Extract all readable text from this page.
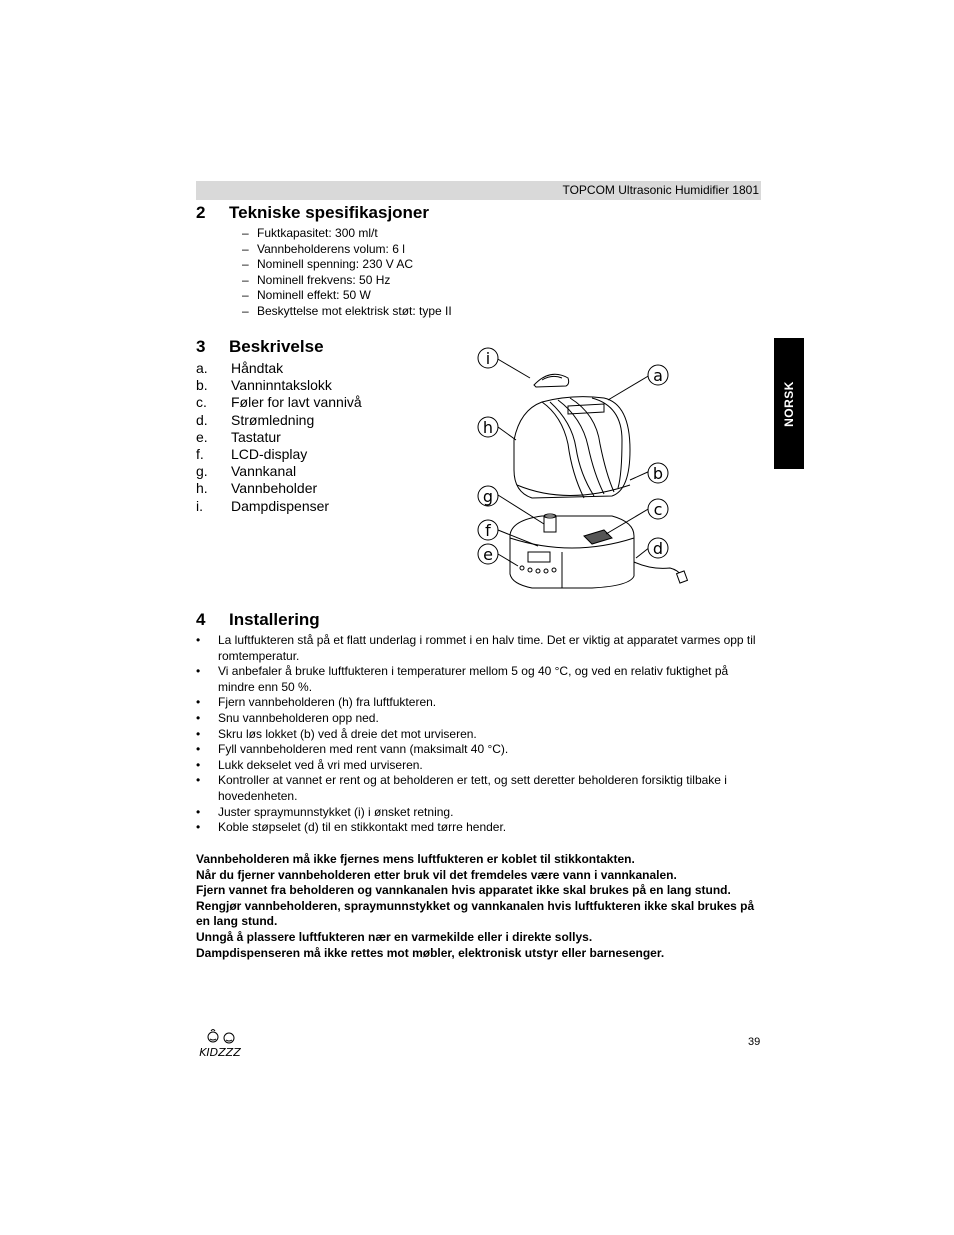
TOPCOM Ultrasonic Humidifier 1801
NORSK
2 Tekniske spesifikasjoner
– Fuktkapasitet: 300 ml/t
– Vannbeholderens volum: 6 l
– Nominell spenning: 230 V AC
– Nominell frekvens: 50 Hz
– Nominell effekt: 50 W
– Beskyttelse mot elektrisk støt: type II
3 Beskrivelse
a. Håndtak
b. Vanninntakslokk
c. Føler for lavt vannivå
d. Strømledning
e. Tastatur
f. LCD-display
g. Vannkanal
h. Vannbeholder
i. Dampdispenser
i
a
h
b
g
c
f
d
e
4 Installering
• La luftfukteren stå på et flatt underlag i rommet i en halv time. Det er viktig at apparatet varmes opp til romtemperatur.
• Vi anbefaler å bruke luftfukteren i temperaturer mellom 5 og 40 °C, og ved en relativ fuktighet på mindre enn 50 %.
• Fjern vannbeholderen (h) fra luftfukteren.
• Snu vannbeholderen opp ned.
• Skru løs lokket (b) ved å dreie det mot urviseren.
• Fyll vannbeholderen med rent vann (maksimalt 40 °C).
• Lukk dekselet ved å vri med urviseren.
• Kontroller at vannet er rent og at beholderen er tett, og sett deretter beholderen forsiktig tilbake i hovedenheten.
• Juster spraymunnstykket (i) i ønsket retning.
• Koble støpselet (d) til en stikkontakt med tørre hender.

Vannbeholderen må ikke fjernes mens luftfukteren er koblet til stikkontakten.

Når du fjerner vannbeholderen etter bruk vil det fremdeles være vann i vannkanalen.

Fjern vannet fra beholderen og vannkanalen hvis apparatet ikke skal brukes på en lang stund.

Rengjør vannbeholderen, spraymunnstykket og vannkanalen hvis luftfukteren ikke skal brukes på en lang stund.

Unngå å plassere luftfukteren nær en varmekilde eller i direkte sollys.

Dampdispenseren må ikke rettes mot møbler, elektronisk utstyr eller barnesenger.

KIDZZZ
39
